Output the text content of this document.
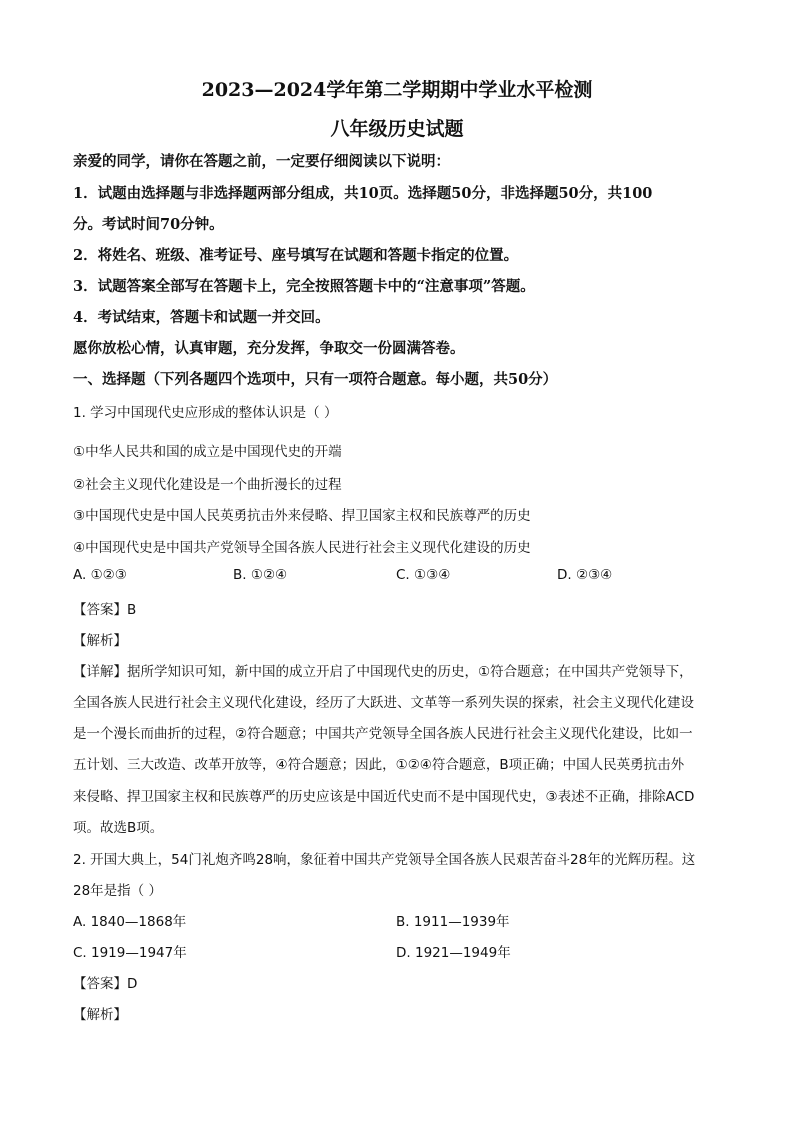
2023—2024学年第二学期期中学业水平检测
八年级历史试题
亲爱的同学，请你在答题之前，一定要仔细阅读以下说明：
1．试题由选择题与非选择题两部分组成，共10页。选择题50分，非选择题50分，共100
分。考试时间70分钟。
2．将姓名、班级、准考证号、座号填写在试题和答题卡指定的位置。
3．试题答案全部写在答题卡上，完全按照答题卡中的“注意事项”答题。
4．考试结束，答题卡和试题一并交回。
愿你放松心情，认真审题，充分发挥，争取交一份圆满答卷。
一、选择题（下列各题四个选项中，只有一项符合题意。每小题，共50分）
1. 学习中国现代史应形成的整体认识是（ ）
①中华人民共和国的成立是中国现代史的开端
②社会主义现代化建设是一个曲折漫长的过程
③中国现代史是中国人民英勇抗击外来侵略、捍卫国家主权和民族尊严的历史
④中国现代史是中国共产党领导全国各族人民进行社会主义现代化建设的历史
A. ①②③	B. ①②④	C. ①③④	D. ②③④
【答案】B
【解析】
【详解】据所学知识可知，新中国的成立开启了中国现代史的历史，①符合题意；在中国共产党领导下，
全国各族人民进行社会主义现代化建设，经历了大跃进、文革等一系列失误的探索，社会主义现代化建设
是一个漫长而曲折的过程，②符合题意；中国共产党领导全国各族人民进行社会主义现代化建设，比如一
五计划、三大改造、改革开放等，④符合题意；因此，①②④符合题意，B项正确；中国人民英勇抗击外
来侵略、捍卫国家主权和民族尊严的历史应该是中国近代史而不是中国现代史，③表述不正确，排除ACD
项。故选B项。
2. 开国大典上，54门礼炮齐鸣28响，象征着中国共产党领导全国各族人民艰苦奋斗28年的光辉历程。这
28年是指（ ）
A. 1840—1868年	B. 1911—1939年
C. 1919—1947年	D. 1921—1949年
【答案】D
【解析】
